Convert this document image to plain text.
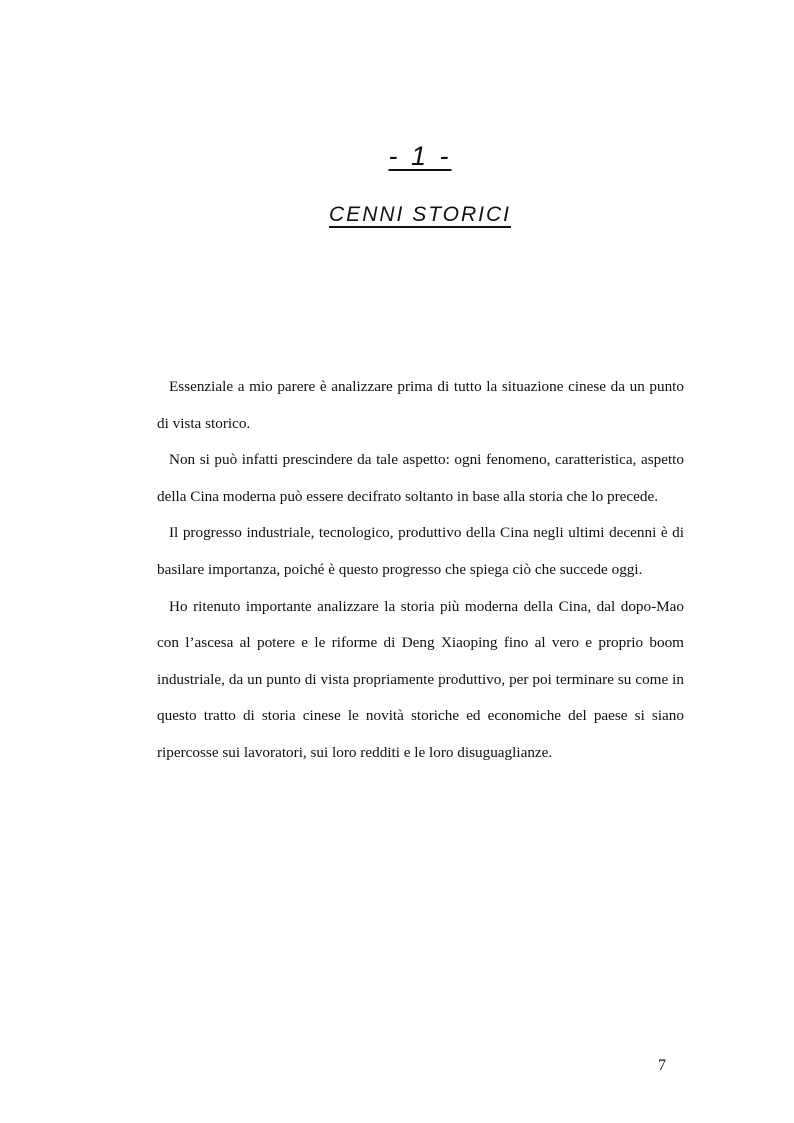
- 1 -
CENNI STORICI

Essenziale a mio parere è analizzare prima di tutto la situazione cinese da un punto di vista storico.

Non si può infatti prescindere da tale aspetto: ogni fenomeno, caratteristica, aspetto della Cina moderna può essere decifrato soltanto in base alla storia che lo precede.

Il progresso industriale, tecnologico, produttivo della Cina negli ultimi decenni è di basilare importanza, poiché è questo progresso che spiega ciò che succede oggi.

Ho ritenuto importante analizzare la storia più moderna della Cina, dal dopo-Mao con l’ascesa al potere e le riforme di Deng Xiaoping fino al vero e proprio boom industriale, da un punto di vista propriamente produttivo, per poi terminare su come in questo tratto di storia cinese le novità storiche ed economiche del paese si siano ripercosse sui lavoratori, sui loro redditi e le loro disuguaglianze.

7
